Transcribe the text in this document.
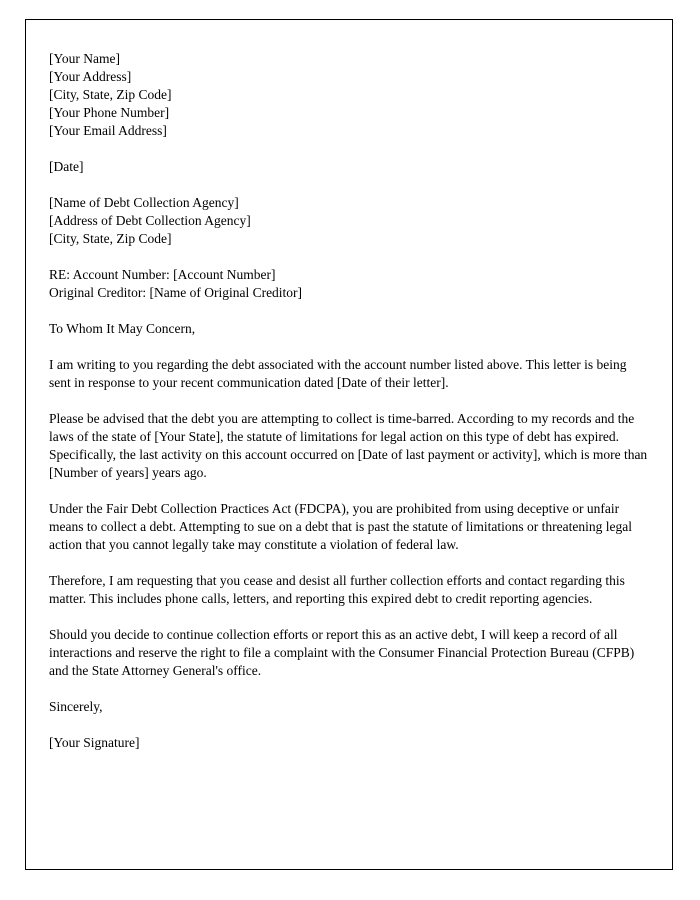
[Your Name]
[Your Address]
[City, State, Zip Code]
[Your Phone Number]
[Your Email Address]
[Date]
[Name of Debt Collection Agency]
[Address of Debt Collection Agency]
[City, State, Zip Code]
RE: Account Number: [Account Number]
Original Creditor: [Name of Original Creditor]
To Whom It May Concern,
I am writing to you regarding the debt associated with the account number listed above. This letter is being sent in response to your recent communication dated [Date of their letter].
Please be advised that the debt you are attempting to collect is time-barred. According to my records and the laws of the state of [Your State], the statute of limitations for legal action on this type of debt has expired. Specifically, the last activity on this account occurred on [Date of last payment or activity], which is more than [Number of years] years ago.
Under the Fair Debt Collection Practices Act (FDCPA), you are prohibited from using deceptive or unfair means to collect a debt. Attempting to sue on a debt that is past the statute of limitations or threatening legal action that you cannot legally take may constitute a violation of federal law.
Therefore, I am requesting that you cease and desist all further collection efforts and contact regarding this matter. This includes phone calls, letters, and reporting this expired debt to credit reporting agencies.
Should you decide to continue collection efforts or report this as an active debt, I will keep a record of all interactions and reserve the right to file a complaint with the Consumer Financial Protection Bureau (CFPB) and the State Attorney General's office.
Sincerely,
[Your Signature]
